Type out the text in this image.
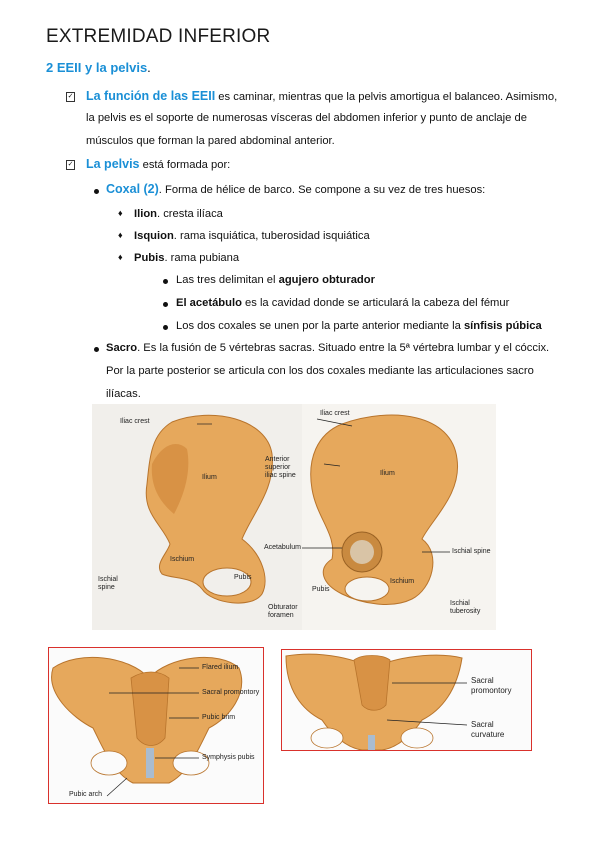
EXTREMIDAD INFERIOR
2 EEII y la pelvis.
✓ La función de las EEII es caminar, mientras que la pelvis amortigua el balanceo. Asimismo,
la pelvis es el soporte de numerosas vísceras del abdomen inferior y punto de anclaje de
músculos que forman la pared abdominal anterior.
✓ La pelvis está formada por:
Coxal (2). Forma de hélice de barco. Se compone a su vez de tres huesos:
♦ Ilion. cresta ilíaca
♦ Isquion. rama isquiática, tuberosidad isquiática
♦ Pubis. rama pubiana
Las tres delimitan el agujero obturador
El acetábulo es la cavidad donde se articulará la cabeza del fémur
Los dos coxales se unen por la parte anterior mediante la sínfisis púbica
Sacro. Es la fusión de 5 vértebras sacras. Situado entre la 5ª vértebra lumbar y el cóccix.
Por la parte posterior se articula con los dos coxales mediante las articulaciones sacro
ilíacas.
Iliac crest
Ilium
Ischium
Pubis
Ischial
spine
Iliac crest
Anterior
superior
iliac spine	Ilium
Acetabulum
Ischial spine
Ischium
Pubis
Obturator
foramen
Ischial
tuberosity
Flared ilium
Sacral promontory
Pubic brim
Symphysis pubis
Pubic arch
Sacral
promontory
Sacral
curvature
